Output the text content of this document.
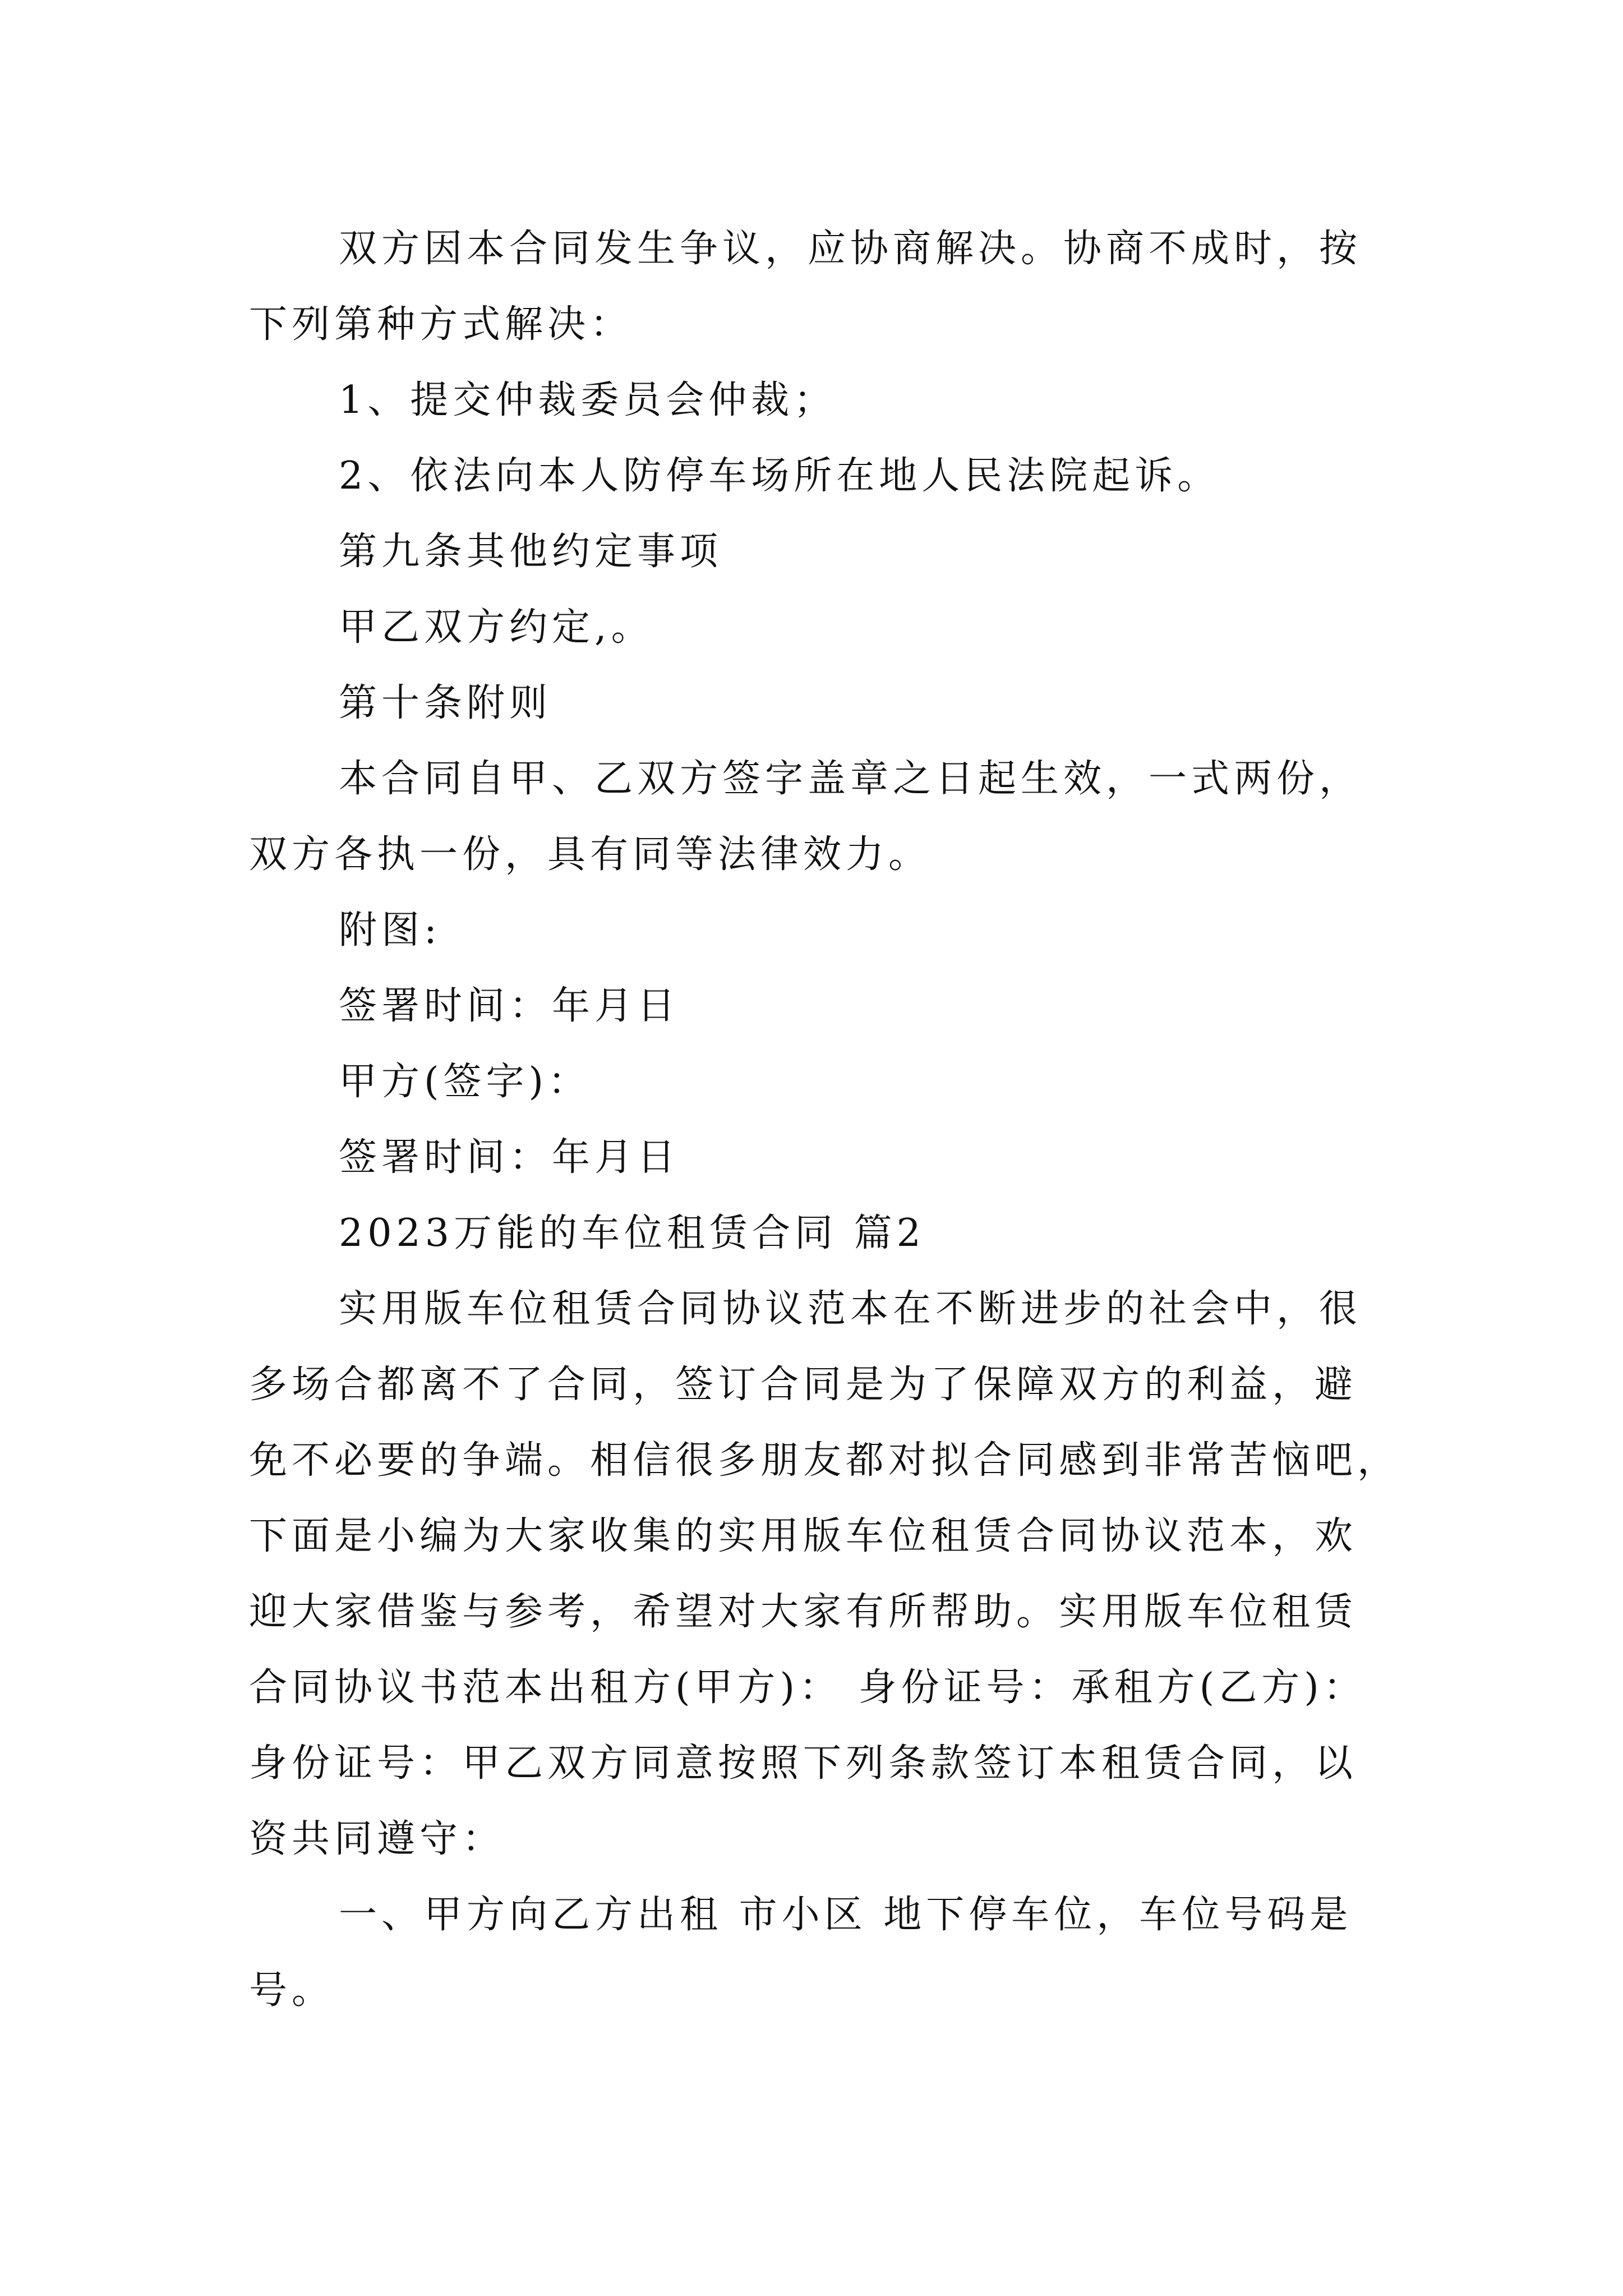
双方因本合同发生争议，应协商解决。协商不成时，按
下列第种方式解决：
1、提交仲裁委员会仲裁；
2、依法向本人防停车场所在地人民法院起诉。
第九条其他约定事项
甲乙双方约定,。
第十条附则
本合同自甲、乙双方签字盖章之日起生效，一式两份，
双方各执一份，具有同等法律效力。
附图:
签署时间：年月日
甲方(签字)：
签署时间：年月日
2023万能的车位租赁合同 篇2
实用版车位租赁合同协议范本在不断进步的社会中，很
多场合都离不了合同，签订合同是为了保障双方的利益，避
免不必要的争端。相信很多朋友都对拟合同感到非常苦恼吧，
下面是小编为大家收集的实用版车位租赁合同协议范本，欢
迎大家借鉴与参考，希望对大家有所帮助。实用版车位租赁
合同协议书范本出租方(甲方)： 身份证号：承租方(乙方)：
身份证号：甲乙双方同意按照下列条款签订本租赁合同，以
资共同遵守：
一、甲方向乙方出租 市小区 地下停车位，车位号码是
号。
